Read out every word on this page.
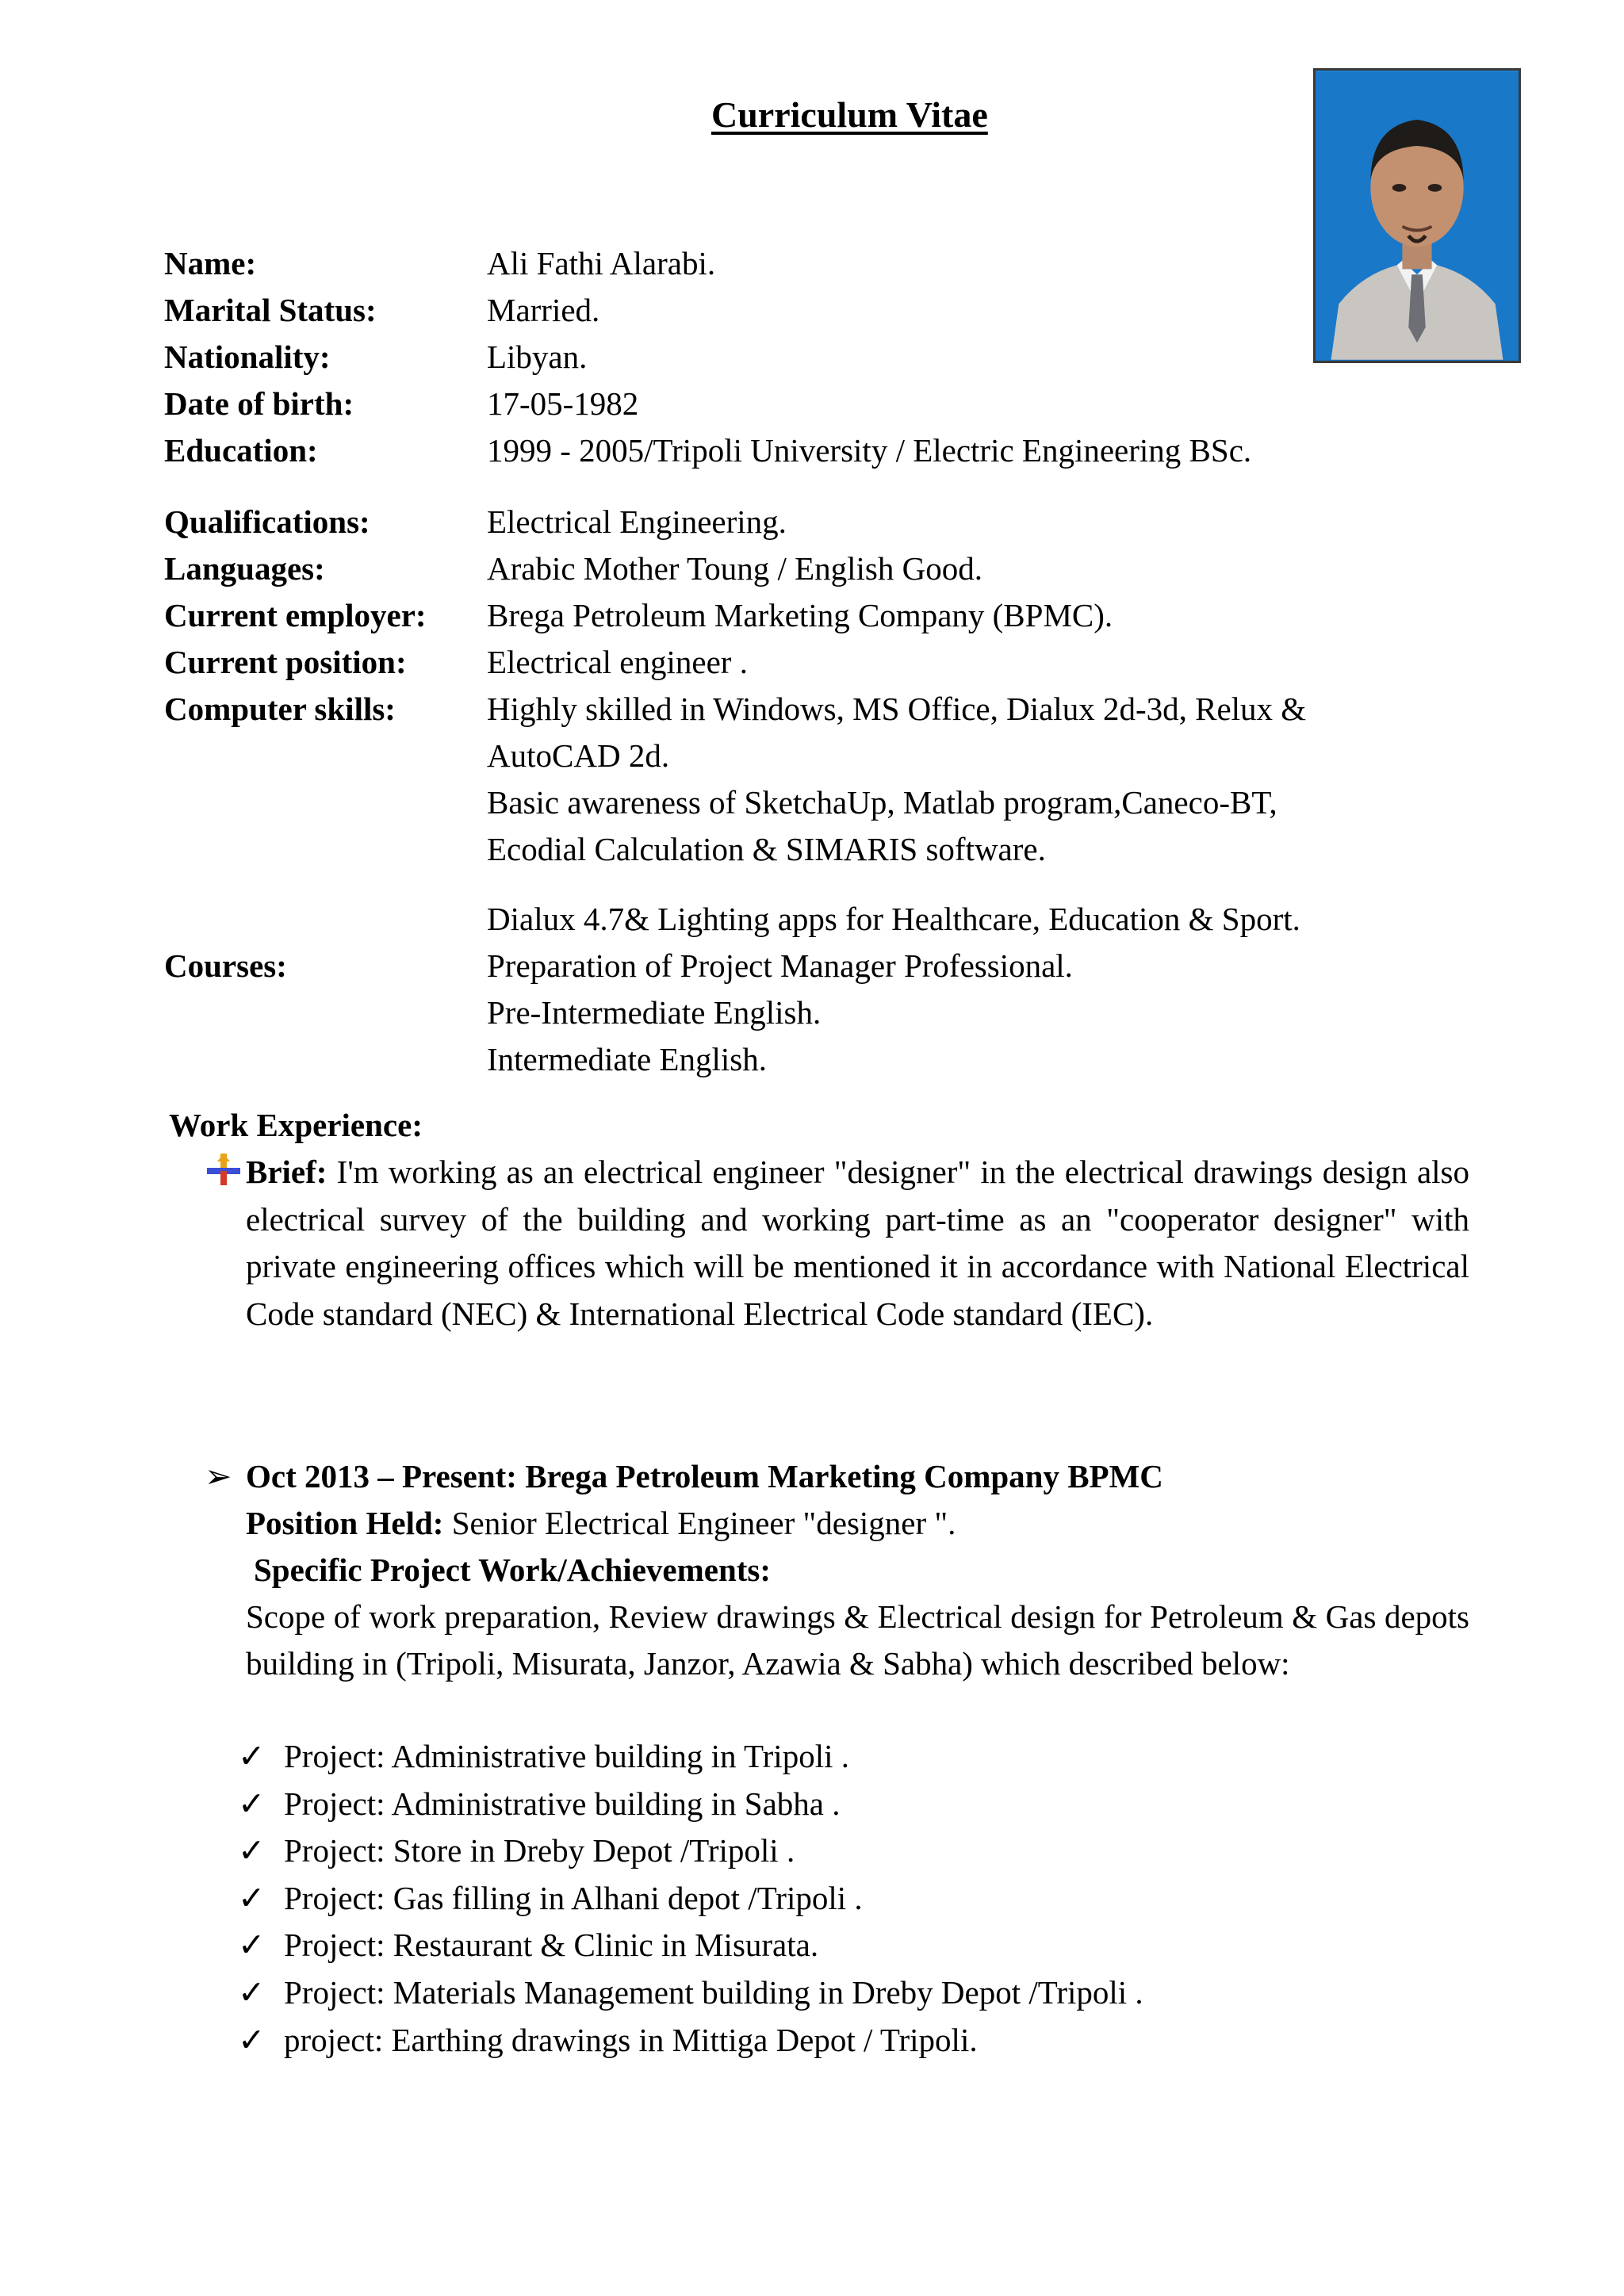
Curriculum Vitae
Name:	Ali Fathi Alarabi.
Marital Status:	Married.
Nationality:	Libyan.
Date of birth:	17-05-1982
Education:	1999 - 2005/Tripoli University / Electric Engineering BSc.
Qualifications:	Electrical Engineering.
Languages:	Arabic Mother Toung / English Good.
Current employer: Brega Petroleum Marketing Company (BPMC).
Current position: Electrical engineer .
Computer skills:	Highly skilled in Windows, MS Office, Dialux 2d-3d, Relux &
AutoCAD 2d.
Basic awareness of SketchaUp, Matlab program,Caneco-BT,
Ecodial Calculation & SIMARIS software.
Dialux 4.7& Lighting apps for Healthcare, Education & Sport.
Courses:	Preparation of Project Manager Professional.
Pre-Intermediate English.
Intermediate English.
Work Experience:
Brief: I'm working as an electrical engineer "designer" in the electrical drawings design also electrical survey of the building and working part-time as an "cooperator designer" with private engineering offices which will be mentioned it in accordance with National Electrical Code standard (NEC) & International Electrical Code standard (IEC).
➢ Oct 2013 – Present: Brega Petroleum Marketing Company BPMC
Position Held: Senior Electrical Engineer "designer ".
Specific Project Work/Achievements:
Scope of work preparation, Review drawings & Electrical design for Petroleum & Gas depots building in (Tripoli, Misurata, Janzor, Azawia & Sabha) which described below:
✓ Project: Administrative building in Tripoli .
✓ Project: Administrative building in Sabha .
✓ Project: Store in Dreby Depot /Tripoli .
✓ Project: Gas filling in Alhani depot /Tripoli .
✓ Project: Restaurant & Clinic in Misurata.
✓ Project: Materials Management building in Dreby Depot /Tripoli .
✓ project: Earthing drawings in Mittiga Depot / Tripoli.
